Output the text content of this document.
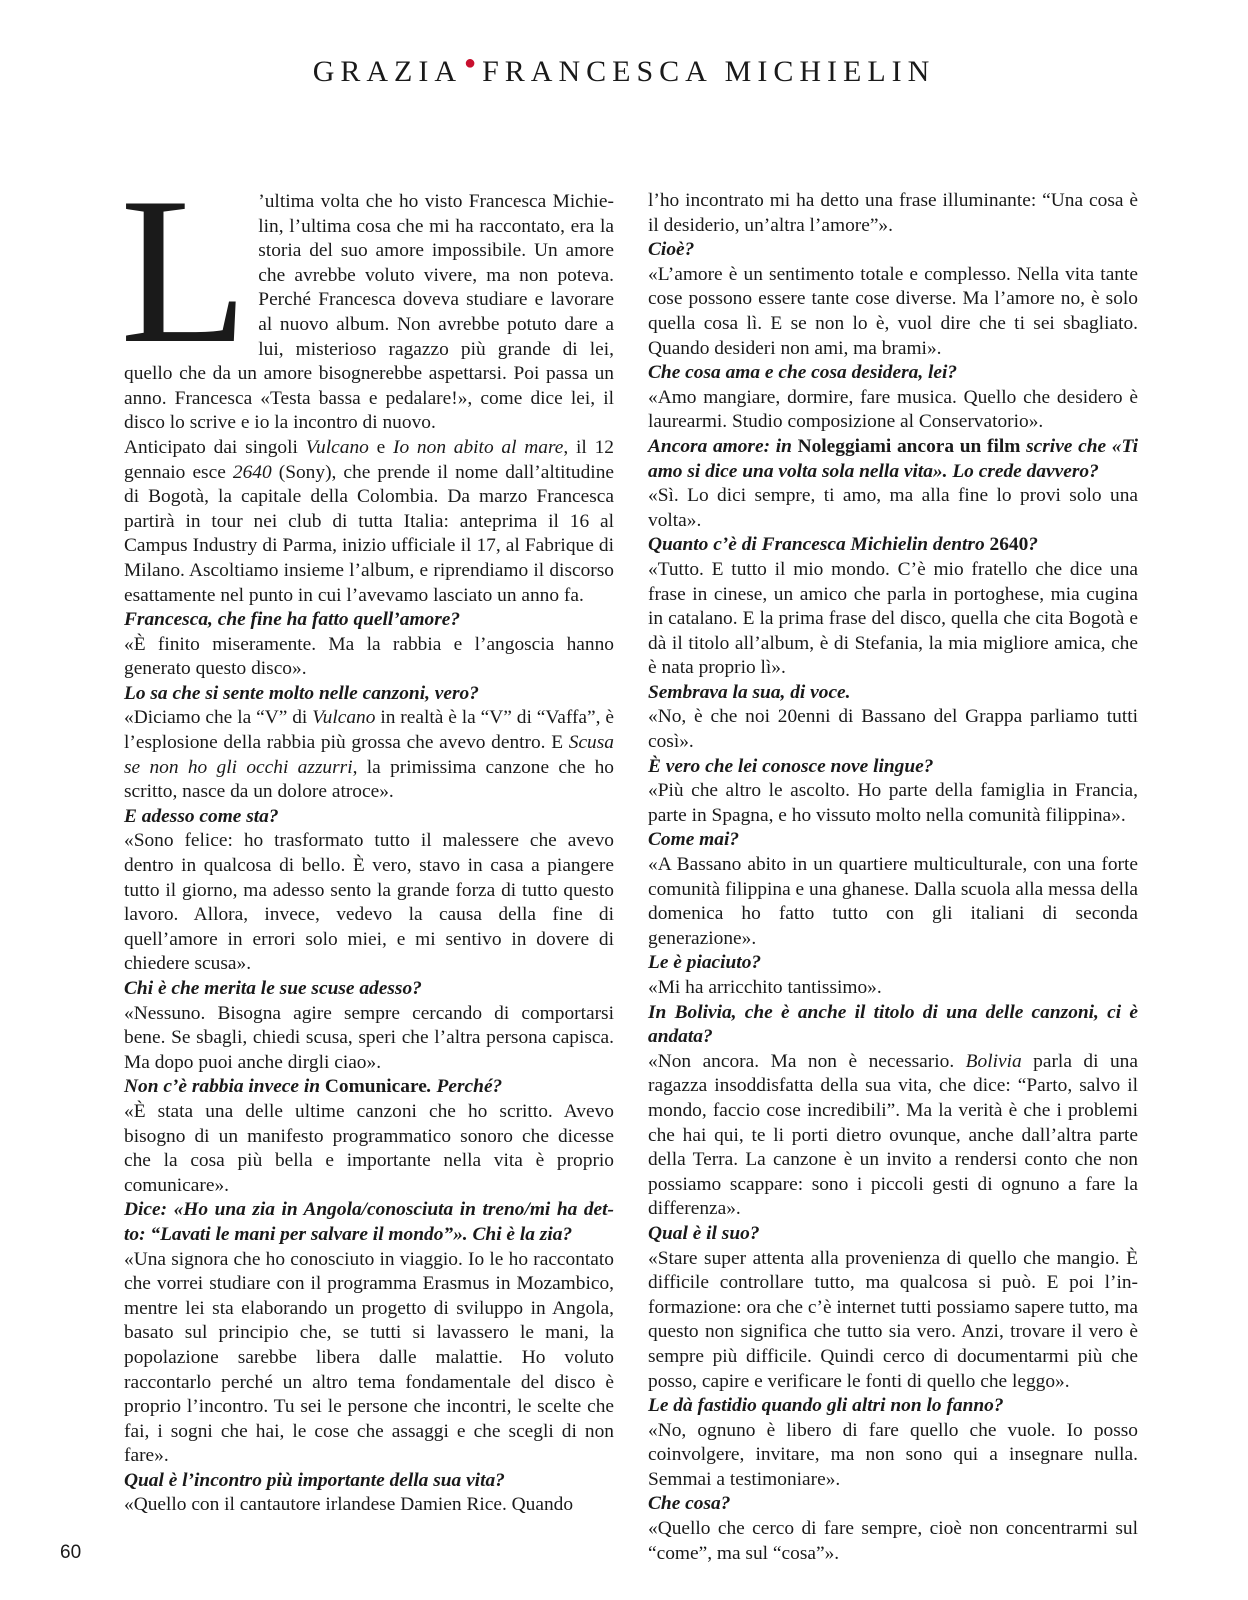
GRAZIA ● FRANCESCA MICHIELIN

L ’ultima volta che ho visto Francesca Michielin, l’ultima cosa che mi ha raccontato, era la storia del suo amore impossibile. Un amore che avrebbe voluto vivere, ma non poteva. Perché Francesca doveva studiare e lavorare al nuovo album. Non avrebbe potuto dare a lui, misterioso ragazzo più grande di lei, quello che da un amore bisognerebbe aspettarsi. Poi passa un anno. Francesca «Testa bassa e pedalare!», come dice lei, il disco lo scrive e io la incontro di nuovo.

Anticipato dai singoli Vulcano e Io non abito al mare, il 12 gennaio esce 2640 (Sony), che prende il nome dall’altitudine di Bogotà, la capitale della Colombia. Da marzo Francesca partirà in tour nei club di tutta Italia: anteprima il 16 al Campus Industry di Parma, inizio ufficiale il 17, al Fabrique di Milano. Ascoltiamo insieme l’album, e riprendiamo il discorso esattamente nel punto in cui l’avevamo lasciato un anno fa.

Francesca, che fine ha fatto quell’amore?

«È finito miseramente. Ma la rabbia e l’angoscia hanno generato questo disco».

Lo sa che si sente molto nelle canzoni, vero?

«Diciamo che la “V” di Vulcano in realtà è la “V” di “Vaffa”, è l’esplosione della rabbia più grossa che avevo dentro. E Scusa se non ho gli occhi azzurri, la primissima canzone che ho scritto, nasce da un dolore atroce».

E adesso come sta?

«Sono felice: ho trasformato tutto il malessere che avevo dentro in qualcosa di bello. È vero, stavo in casa a piangere tutto il giorno, ma adesso sento la grande forza di tutto questo lavoro. Allora, invece, vedevo la causa della fine di quell’amore in errori solo miei, e mi sentivo in dovere di chiedere scusa».

Chi è che merita le sue scuse adesso?

«Nessuno. Bisogna agire sempre cercando di comportarsi bene. Se sbagli, chiedi scusa, speri che l’altra persona capisca. Ma dopo puoi anche dirgli ciao».

Non c’è rabbia invece in Comunicare. Perché?

«È stata una delle ultime canzoni che ho scritto. Avevo bisogno di un manifesto programmatico sonoro che dicesse che la cosa più bella e importante nella vita è proprio comunicare».

Dice: «Ho una zia in Angola/conosciuta in treno/mi ha detto: “Lavati le mani per salvare il mondo”». Chi è la zia?

«Una signora che ho conosciuto in viaggio. Io le ho raccontato che vorrei studiare con il programma Erasmus in Mozambico, mentre lei sta elaborando un progetto di sviluppo in Angola, basato sul principio che, se tutti si lavassero le mani, la popolazione sarebbe libera dalle malattie. Ho voluto raccontarlo perché un altro tema fondamentale del disco è proprio l’incontro. Tu sei le persone che incontri, le scelte che fai, i sogni che hai, le cose che assaggi e che scegli di non fare».

Qual è l’incontro più importante della sua vita?

«Quello con il cantautore irlandese Damien Rice. Quando

l’ho incontrato mi ha detto una frase illuminante: “Una cosa è il desiderio, un’altra l’amore”».

Cioè?

«L’amore è un sentimento totale e complesso. Nella vita tante cose possono essere tante cose diverse. Ma l’amore no, è solo quella cosa lì. E se non lo è, vuol dire che ti sei sbagliato. Quando desideri non ami, ma brami».

Che cosa ama e che cosa desidera, lei?

«Amo mangiare, dormire, fare musica. Quello che desidero è laurearmi. Studio composizione al Conservatorio».

Ancora amore: in Noleggiami ancora un film scrive che «Ti amo si dice una volta sola nella vita». Lo crede davvero?

«Sì. Lo dici sempre, ti amo, ma alla fine lo provi solo una volta».

Quanto c’è di Francesca Michielin dentro 2640?

«Tutto. E tutto il mio mondo. C’è mio fratello che dice una frase in cinese, un amico che parla in portoghese, mia cugina in catalano. E la prima frase del disco, quella che cita Bogotà e dà il titolo all’album, è di Stefania, la mia migliore amica, che è nata proprio lì».

Sembrava la sua, di voce.

«No, è che noi 20enni di Bassano del Grappa parliamo tutti così».

È vero che lei conosce nove lingue?

«Più che altro le ascolto. Ho parte della famiglia in Francia, parte in Spagna, e ho vissuto molto nella comunità filippina».

Come mai?

«A Bassano abito in un quartiere multiculturale, con una forte comunità filippina e una ghanese. Dalla scuola alla messa della domenica ho fatto tutto con gli italiani di seconda generazione».

Le è piaciuto?

«Mi ha arricchito tantissimo».

In Bolivia, che è anche il titolo di una delle canzoni, ci è andata?

«Non ancora. Ma non è necessario. Bolivia parla di una ragazza insoddisfatta della sua vita, che dice: “Parto, salvo il mondo, faccio cose incredibili”. Ma la verità è che i problemi che hai qui, te li porti dietro ovunque, anche dall’altra parte della Terra. La canzone è un invito a rendersi conto che non possiamo scappare: sono i piccoli gesti di ognuno a fare la differenza».

Qual è il suo?

«Stare super attenta alla provenienza di quello che mangio. È difficile controllare tutto, ma qualcosa si può. E poi l’informazione: ora che c’è internet tutti possiamo sapere tutto, ma questo non significa che tutto sia vero. Anzi, trovare il vero è sempre più difficile. Quindi cerco di documentarmi più che posso, capire e verificare le fonti di quello che leggo».

Le dà fastidio quando gli altri non lo fanno?

«No, ognuno è libero di fare quello che vuole. Io posso coinvolgere, invitare, ma non sono qui a insegnare nulla. Semmai a testimoniare».

Che cosa?

«Quello che cerco di fare sempre, cioè non concentrarmi sul “come”, ma sul “cosa”».

60
